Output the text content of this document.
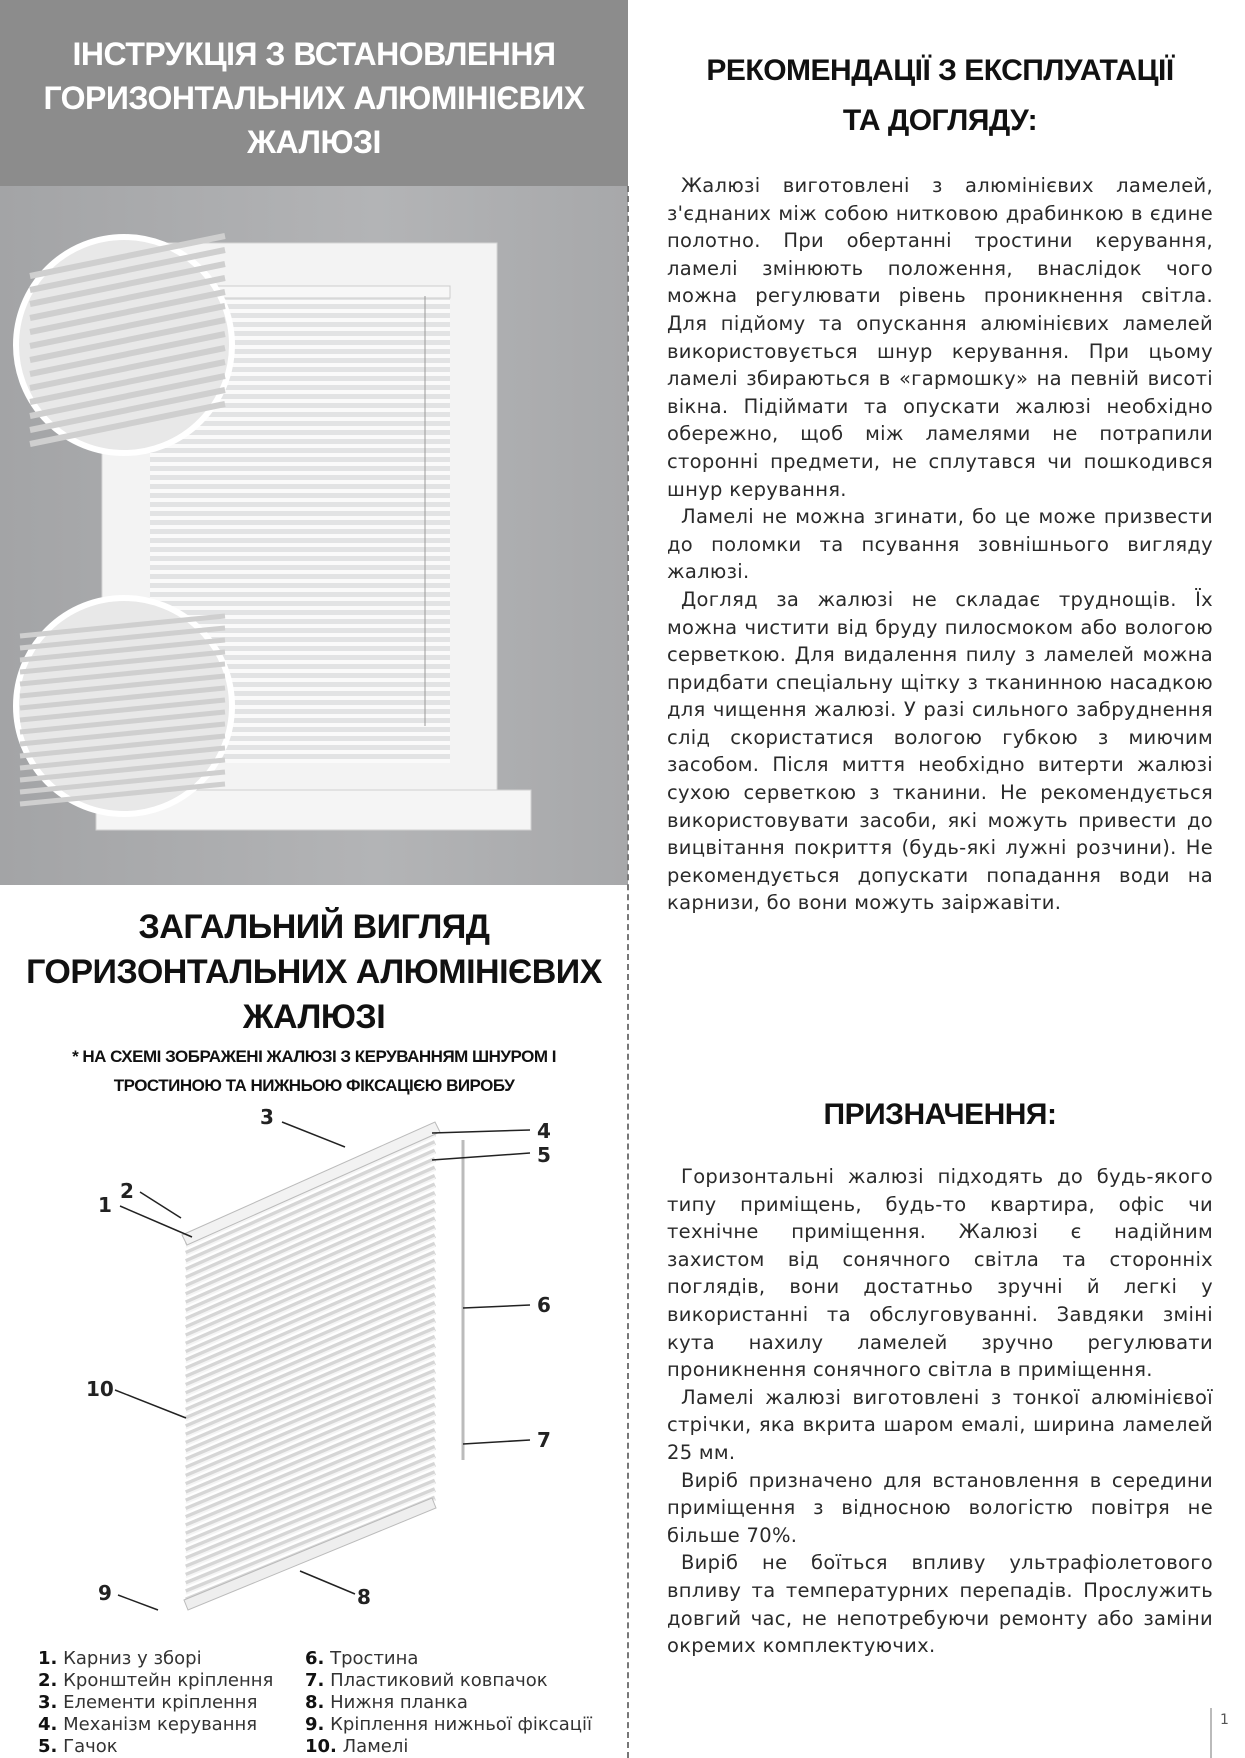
ІНСТРУКЦІЯ З ВСТАНОВЛЕННЯ
ГОРИЗОНТАЛЬНИХ АЛЮМІНІЄВИХ
ЖАЛЮЗІ
ЗАГАЛЬНИЙ ВИГЛЯД
ГОРИЗОНТАЛЬНИХ АЛЮМІНІЄВИХ
ЖАЛЮЗІ
* НА СХЕМІ ЗОБРАЖЕНІ ЖАЛЮЗІ З КЕРУВАННЯМ ШНУРОМ І
ТРОСТИНОЮ ТА НИЖНЬОЮ ФІКСАЦІЄЮ ВИРОБУ
3
4
5
1
2
6
10
7
9	8
1. Карниз у зборі
2. Кронштейн кріплення
3. Елементи кріплення
4. Механізм керування
5. Гачок
6. Тростина
7. Пластиковий ковпачок
8. Нижня планка
9. Кріплення нижньої фіксації
10. Ламелі
РЕКОМЕНДАЦІЇ З ЕКСПЛУАТАЦІЇ
ТА ДОГЛЯДУ:

Жалюзі виготовлені з алюмінієвих ламелей, з'єднаних між собою нитковою драбинкою в єдине полотно. При обертанні тростини керування, ламелі змінюють положення, внаслідок чого можна регулювати рівень проникнення світла. Для підйому та опускання алюмінієвих ламелей використовується шнур керування. При цьому ламелі збираються в «гармошку» на певній висоті вікна. Підіймати та опускати жалюзі необхідно обережно, щоб між ламелями не потрапили сторонні предмети, не сплутався чи пошкодився шнур керування.

Ламелі не можна згинати, бо це може призвести до поломки та псування зовнішнього вигляду жалюзі.

Догляд за жалюзі не складає труднощів. Їх можна чистити від бруду пилосмоком або вологою серветкою. Для видалення пилу з ламелей можна придбати спеціальну щітку з тканинною насадкою для чищення жалюзі. У разі сильного забруднення слід скористатися вологою губкою з миючим засобом. Після миття необхідно витерти жалюзі сухою серветкою з тканини. Не рекомендується використовувати засоби, які можуть привести до вицвітання покриття (будь-які лужні розчини). Не рекомендується допускати попадання води на карнизи, бо вони можуть заіржавіти.

ПРИЗНАЧЕННЯ:

Горизонтальні жалюзі підходять до будь-якого типу приміщень, будь-то квартира, офіс чи технічне приміщення. Жалюзі є надійним захистом від сонячного світла та сторонніх поглядів, вони достатньо зручні й легкі у використанні та обслуговуванні. Завдяки зміні кута нахилу ламелей зручно регулювати проникнення сонячного світла в приміщення.

Ламелі жалюзі виготовлені з тонкої алюмінієвої стрічки, яка вкрита шаром емалі, ширина ламелей 25 мм.

Виріб призначено для встановлення в середини приміщення з відносною вологістю повітря не більше 70%.

Виріб не боїться впливу ультрафіолетового впливу та температурних перепадів. Прослужить довгий час, не непотребуючи ремонту або заміни окремих комплектуючих.

1
